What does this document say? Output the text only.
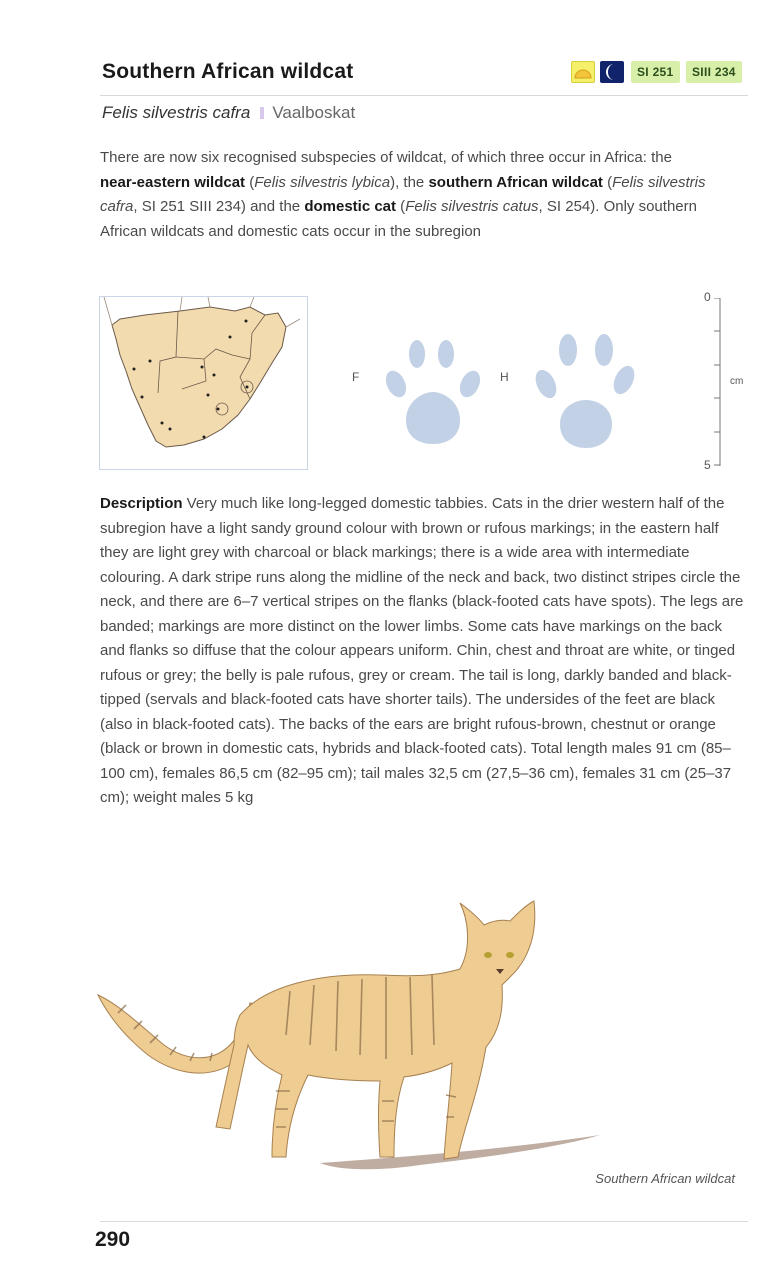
Southern African wildcat	SI 251	SIII 234
Felis silvestris cafra Vaalboskat

There are now six recognised subspecies of wildcat, of which three occur in Africa: the near-eastern wildcat (Felis silvestris lybica), the southern African wildcat (Felis silvestris cafra, SI 251 SIII 234) and the domestic cat (Felis silvestris catus, SI 254). Only southern African wildcats and domestic cats occur in the subregion

F	H
0
cm
5

Description Very much like long-legged domestic tabbies. Cats in the drier western half of the subregion have a light sandy ground colour with brown or rufous markings; in the eastern half they are light grey with charcoal or black markings; there is a wide area with intermediate colouring. A dark stripe runs along the midline of the neck and back, two distinct stripes circle the neck, and there are 6–7 vertical stripes on the flanks (black-footed cats have spots). The legs are banded; markings are more distinct on the lower limbs. Some cats have markings on the back and flanks so diffuse that the colour appears uniform. Chin, chest and throat are white, or tinged rufous or grey; the belly is pale rufous, grey or cream. The tail is long, darkly banded and black-tipped (servals and black-footed cats have shorter tails). The undersides of the feet are black (also in black-footed cats). The backs of the ears are bright rufous-brown, chestnut or orange (black or brown in domestic cats, hybrids and black-footed cats). Total length males 91 cm (85–100 cm), females 86,5 cm (82–95 cm); tail males 32,5 cm (27,5–36 cm), females 31 cm (25–37 cm); weight males 5 kg

Southern African wildcat
290
